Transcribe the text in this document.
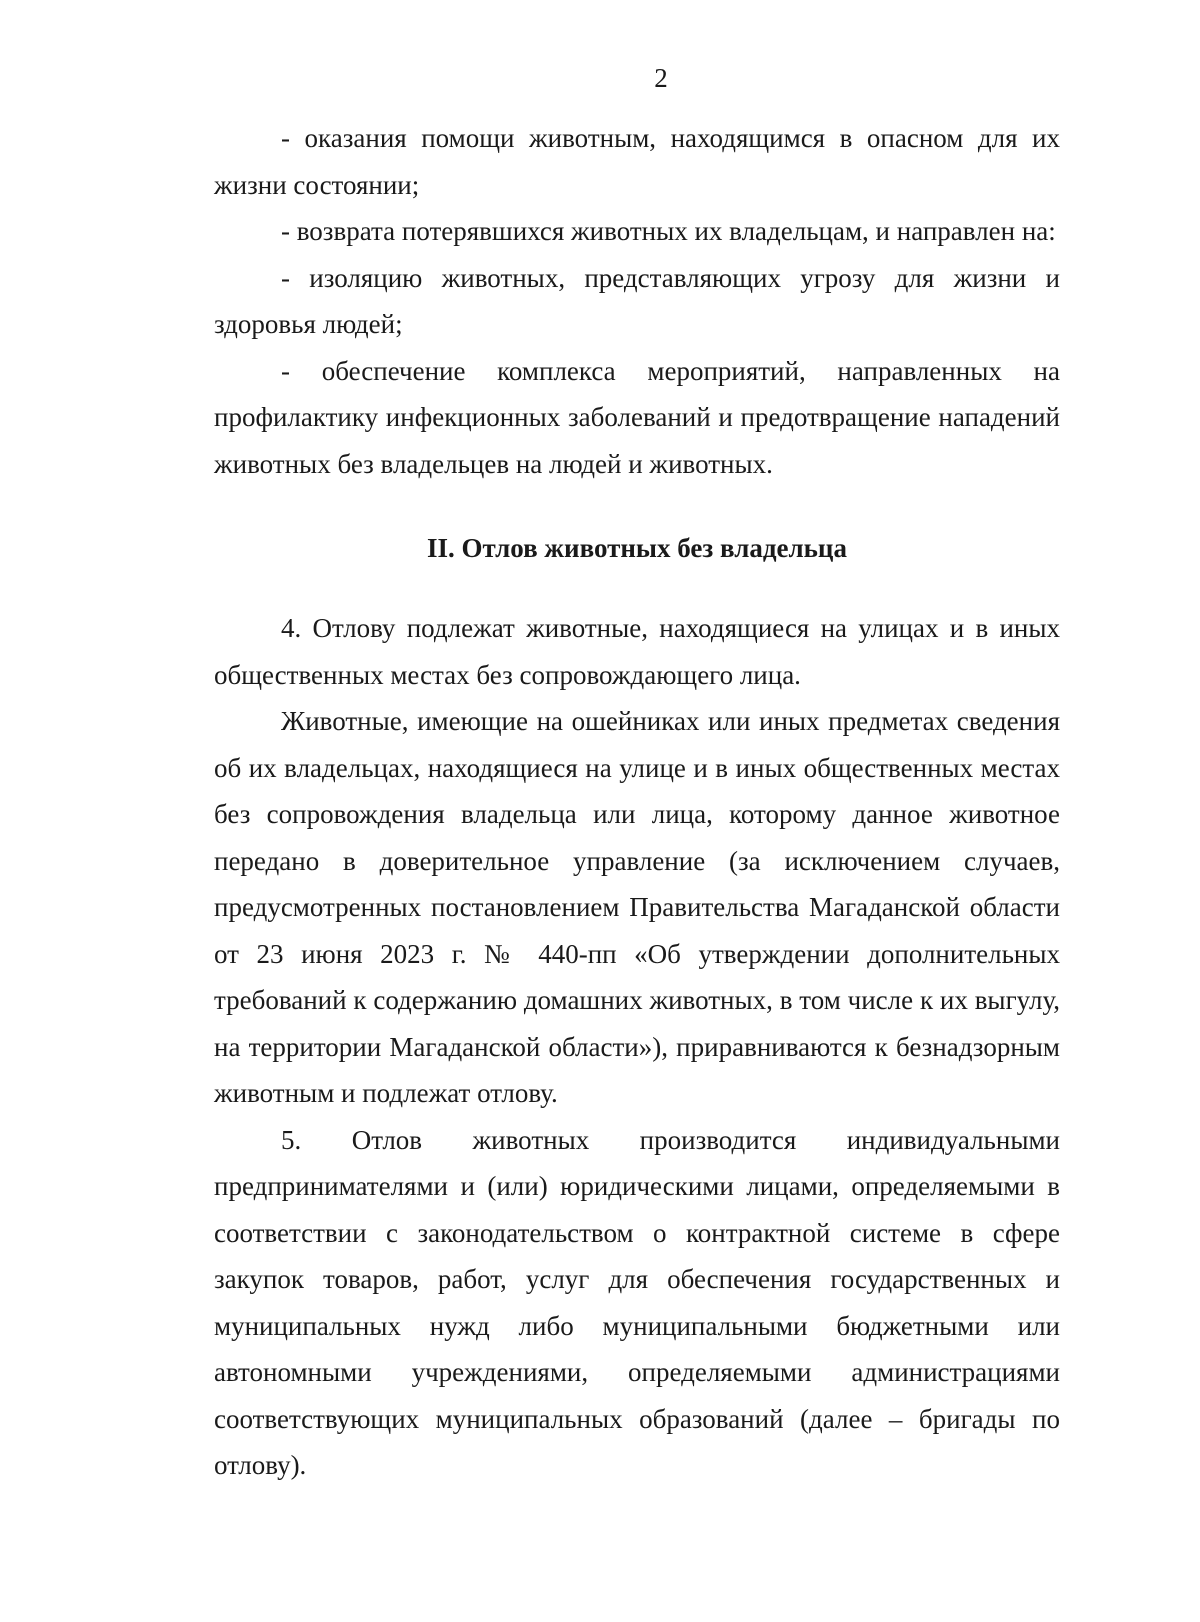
2

- оказания помощи животным, находящимся в опасном для их жизни состоянии;

- возврата потерявшихся животных их владельцам, и направлен на:

- изоляцию животных, представляющих угрозу для жизни и здоровья людей;

- обеспечение комплекса мероприятий, направленных на профилактику инфекционных заболеваний и предотвращение нападений животных без владельцев на людей и животных.

II. Отлов животных без владельца

4. Отлову подлежат животные, находящиеся на улицах и в иных общественных местах без сопровождающего лица.

Животные, имеющие на ошейниках или иных предметах сведения об их владельцах, находящиеся на улице и в иных общественных местах без сопровождения владельца или лица, которому данное животное передано в доверительное управление (за исключением случаев, предусмотренных постановлением Правительства Магаданской области от 23 июня 2023 г. № 440-пп «Об утверждении дополнительных требований к содержанию домашних животных, в том числе к их выгулу, на территории Магаданской области»), приравниваются к безнадзорным животным и подлежат отлову.

5. Отлов животных производится индивидуальными предпринимателями и (или) юридическими лицами, определяемыми в соответствии с законодательством о контрактной системе в сфере закупок товаров, работ, услуг для обеспечения государственных и муниципальных нужд либо муниципальными бюджетными или автономными учреждениями, определяемыми администрациями соответствующих муниципальных образований (далее – бригады по отлову).
